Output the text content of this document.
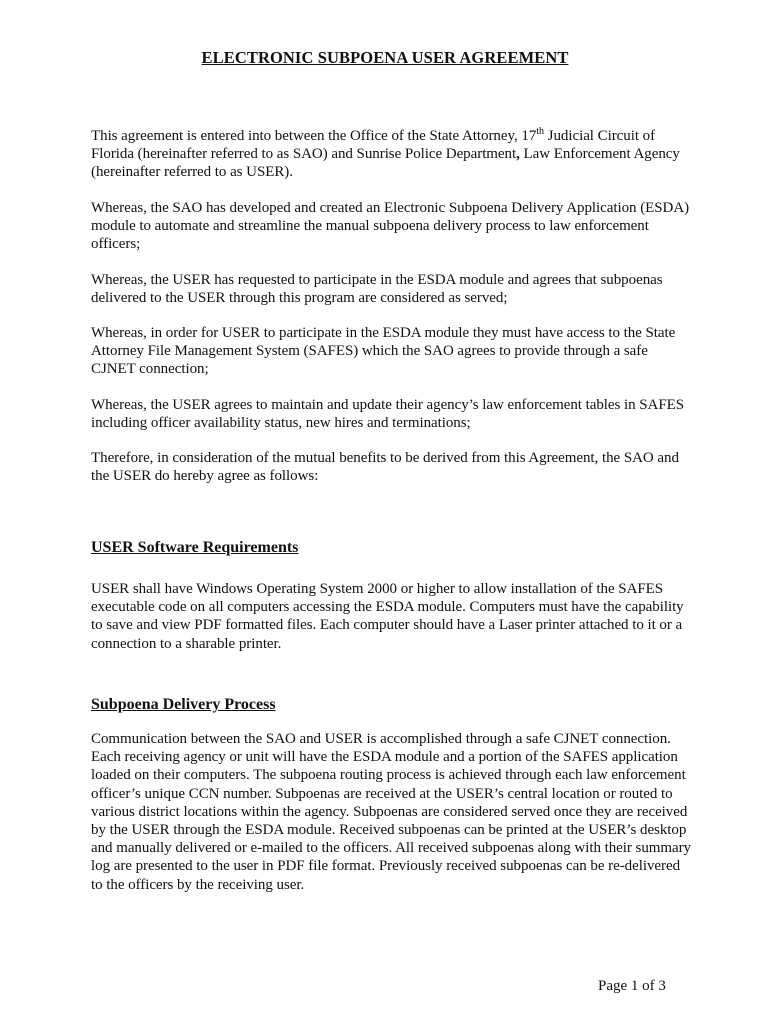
ELECTRONIC SUBPOENA USER AGREEMENT

This agreement is entered into between the Office of the State Attorney, 17th Judicial Circuit of Florida (hereinafter referred to as SAO) and Sunrise Police Department, Law Enforcement Agency (hereinafter referred to as USER).

Whereas, the SAO has developed and created an Electronic Subpoena Delivery Application (ESDA) module to automate and streamline the manual subpoena delivery process to law enforcement officers;

Whereas, the USER has requested to participate in the ESDA module and agrees that subpoenas delivered to the USER through this program are considered as served;

Whereas, in order for USER to participate in the ESDA module they must have access to the State Attorney File Management System (SAFES) which the SAO agrees to provide through a safe CJNET connection;

Whereas, the USER agrees to maintain and update their agency’s law enforcement tables in SAFES including officer availability status, new hires and terminations;

Therefore, in consideration of the mutual benefits to be derived from this Agreement, the SAO and the USER do hereby agree as follows:

USER Software Requirements

USER shall have Windows Operating System 2000 or higher to allow installation of the SAFES executable code on all computers accessing the ESDA module. Computers must have the capability to save and view PDF formatted files. Each computer should have a Laser printer attached to it or a connection to a sharable printer.

Subpoena Delivery Process

Communication between the SAO and USER is accomplished through a safe CJNET connection. Each receiving agency or unit will have the ESDA module and a portion of the SAFES application loaded on their computers. The subpoena routing process is achieved through each law enforcement officer’s unique CCN number. Subpoenas are received at the USER’s central location or routed to various district locations within the agency. Subpoenas are considered served once they are received by the USER through the ESDA module. Received subpoenas can be printed at the USER’s desktop and manually delivered or e-mailed to the officers. All received subpoenas along with their summary log are presented to the user in PDF file format. Previously received subpoenas can be re-delivered to the officers by the receiving user.

Page 1 of 3
